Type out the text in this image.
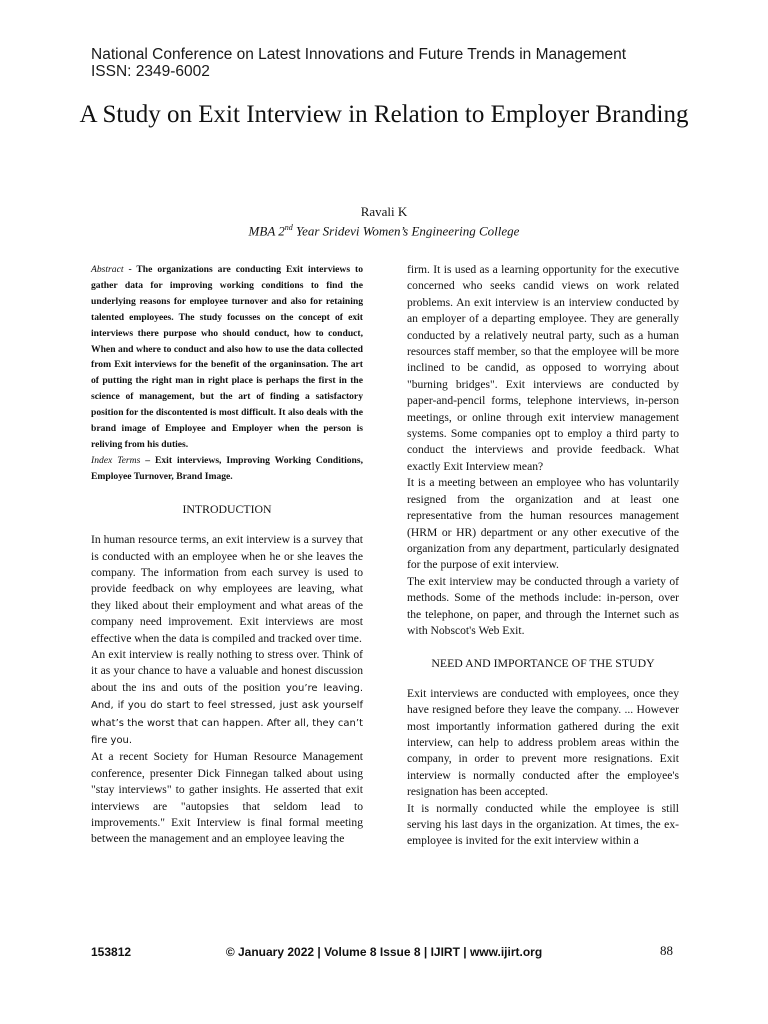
National Conference on Latest Innovations and Future Trends in Management
ISSN: 2349-6002
A Study on Exit Interview in Relation to Employer Branding
Ravali K
MBA 2nd Year Sridevi Women’s Engineering College

Abstract - The organizations are conducting Exit interviews to gather data for improving working conditions to find the underlying reasons for employee turnover and also for retaining talented employees. The study focusses on the concept of exit interviews there purpose who should conduct, how to conduct, When and where to conduct and also how to use the data collected from Exit interviews for the benefit of the organinsation. The art of putting the right man in right place is perhaps the first in the science of management, but the art of finding a satisfactory position for the discontented is most difficult. It also deals with the brand image of Employee and Employer when the person is reliving from his duties.

Index Terms – Exit interviews, Improving Working Conditions, Employee Turnover, Brand Image.

INTRODUCTION

In human resource terms, an exit interview is a survey that is conducted with an employee when he or she leaves the company. The information from each survey is used to provide feedback on why employees are leaving, what they liked about their employment and what areas of the company need improvement. Exit interviews are most effective when the data is compiled and tracked over time.

An exit interview is really nothing to stress over. Think of it as your chance to have a valuable and honest discussion about the ins and outs of the position you’re leaving. And, if you do start to feel stressed, just ask yourself what’s the worst that can happen. After all, they can’t fire you.

At a recent Society for Human Resource Management conference, presenter Dick Finnegan talked about using "stay interviews" to gather insights. He asserted that exit interviews are "autopsies that seldom lead to improvements." Exit Interview is final formal meeting between the management and an employee leaving the

firm. It is used as a learning opportunity for the executive concerned who seeks candid views on work related problems. An exit interview is an interview conducted by an employer of a departing employee. They are generally conducted by a relatively neutral party, such as a human resources staff member, so that the employee will be more inclined to be candid, as opposed to worrying about "burning bridges". Exit interviews are conducted by paper-and-pencil forms, telephone interviews, in-person meetings, or online through exit interview management systems. Some companies opt to employ a third party to conduct the interviews and provide feedback. What exactly Exit Interview mean?

It is a meeting between an employee who has voluntarily resigned from the organization and at least one representative from the human resources management (HRM or HR) department or any other executive of the organization from any department, particularly designated for the purpose of exit interview.

The exit interview may be conducted through a variety of methods. Some of the methods include: in-person, over the telephone, on paper, and through the Internet such as with Nobscot's Web Exit.

NEED AND IMPORTANCE OF THE STUDY

Exit interviews are conducted with employees, once they have resigned before they leave the company. ... However most importantly information gathered during the exit interview, can help to address problem areas within the company, in order to prevent more resignations. Exit interview is normally conducted after the employee's resignation has been accepted.

It is normally conducted while the employee is still serving his last days in the organization. At times, the ex-employee is invited for the exit interview within a

153812	© January 2022 | Volume 8 Issue 8 | IJIRT | www.ijirt.org	88
